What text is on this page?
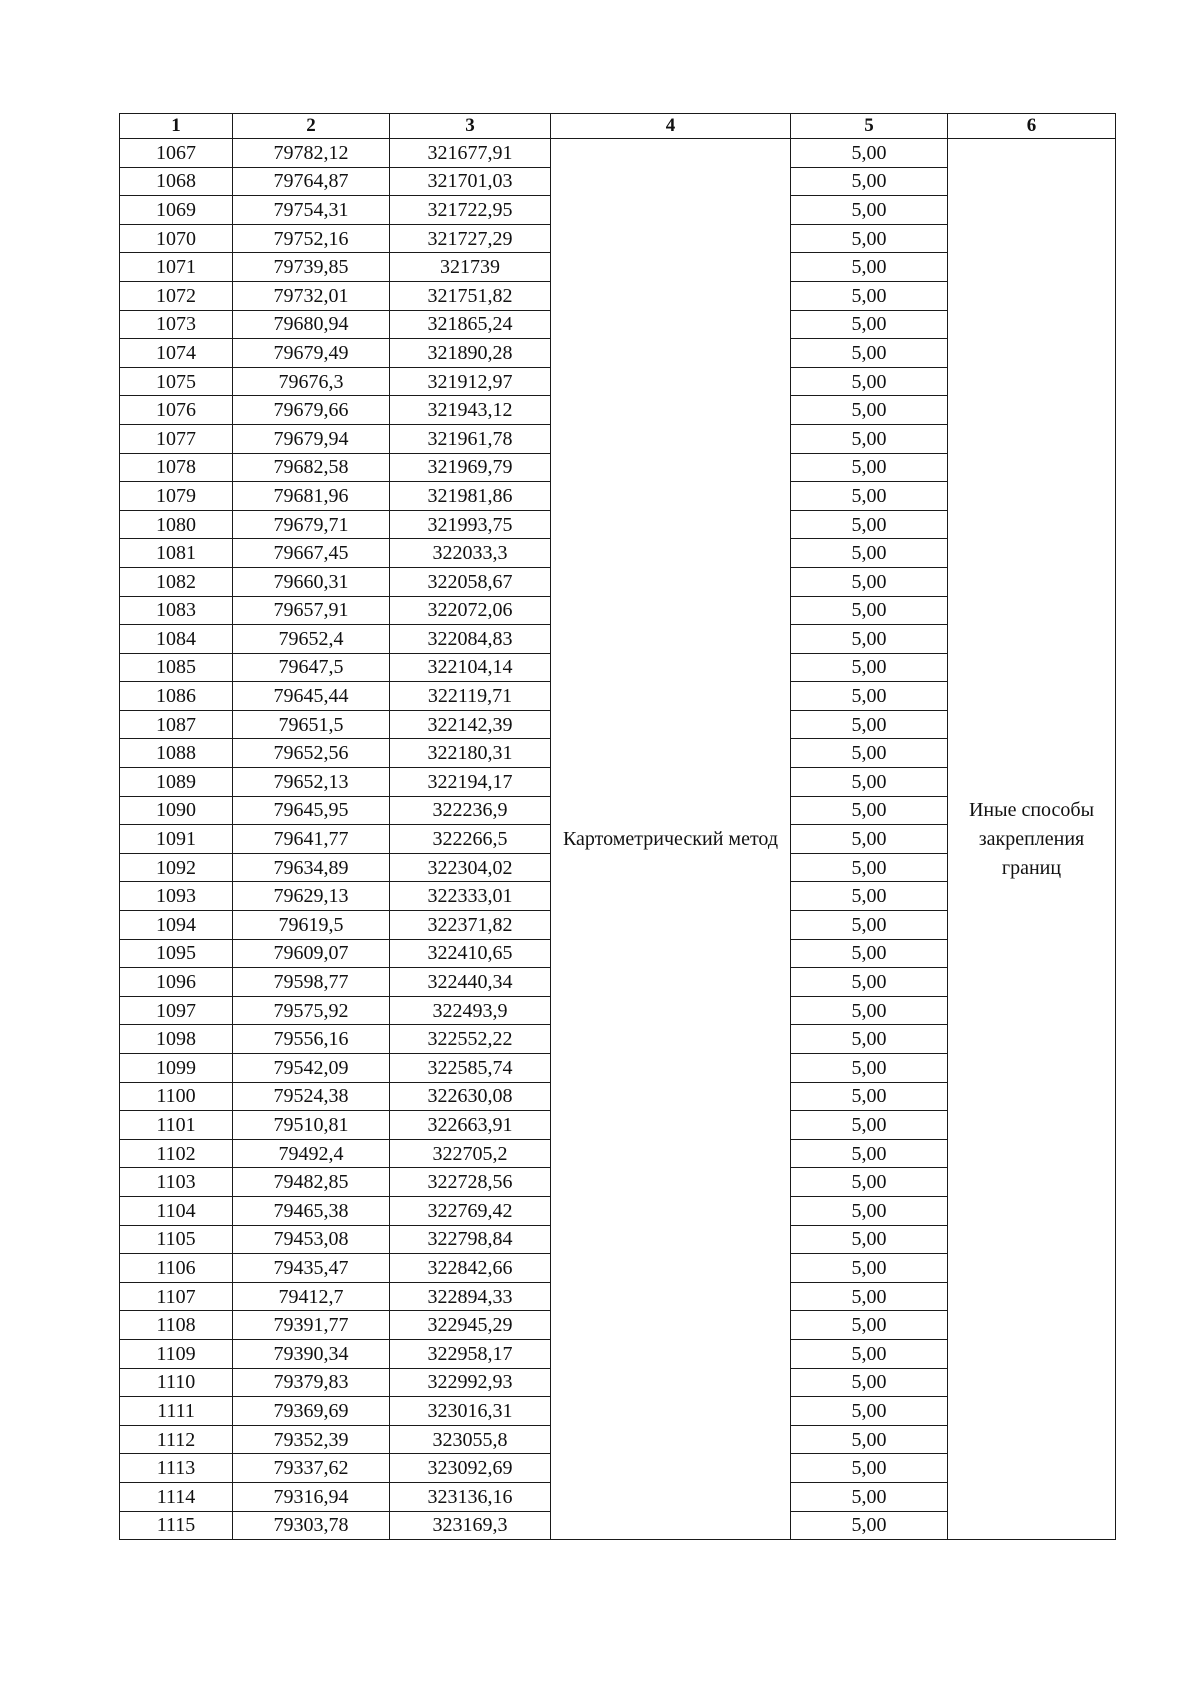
1	2	3	4	5	6
1067	79782,12	321677,91	Картометрический метод	5,00	Иные способы закрепления границ
1068	79764,87	321701,03		5,00	
1069	79754,31	321722,95		5,00	
1070	79752,16	321727,29		5,00	
1071	79739,85	321739		5,00	
1072	79732,01	321751,82		5,00	
1073	79680,94	321865,24		5,00	
1074	79679,49	321890,28		5,00	
1075	79676,3	321912,97		5,00	
1076	79679,66	321943,12		5,00	
1077	79679,94	321961,78		5,00	
1078	79682,58	321969,79		5,00	
1079	79681,96	321981,86		5,00	
1080	79679,71	321993,75		5,00	
1081	79667,45	322033,3		5,00	
1082	79660,31	322058,67		5,00	
1083	79657,91	322072,06		5,00	
1084	79652,4	322084,83		5,00	
1085	79647,5	322104,14		5,00	
1086	79645,44	322119,71		5,00	
1087	79651,5	322142,39		5,00	
1088	79652,56	322180,31		5,00	
1089	79652,13	322194,17		5,00	
1090	79645,95	322236,9		5,00	
1091	79641,77	322266,5		5,00	
1092	79634,89	322304,02		5,00	
1093	79629,13	322333,01		5,00	
1094	79619,5	322371,82		5,00	
1095	79609,07	322410,65		5,00	
1096	79598,77	322440,34		5,00	
1097	79575,92	322493,9		5,00	
1098	79556,16	322552,22		5,00	
1099	79542,09	322585,74		5,00	
1100	79524,38	322630,08		5,00	
1101	79510,81	322663,91		5,00	
1102	79492,4	322705,2		5,00	
1103	79482,85	322728,56		5,00	
1104	79465,38	322769,42		5,00	
1105	79453,08	322798,84		5,00	
1106	79435,47	322842,66		5,00	
1107	79412,7	322894,33		5,00	
1108	79391,77	322945,29		5,00	
1109	79390,34	322958,17		5,00	
1110	79379,83	322992,93		5,00	
1111	79369,69	323016,31		5,00	
1112	79352,39	323055,8		5,00	
1113	79337,62	323092,69		5,00	
1114	79316,94	323136,16		5,00	
1115	79303,78	323169,3		5,00	
